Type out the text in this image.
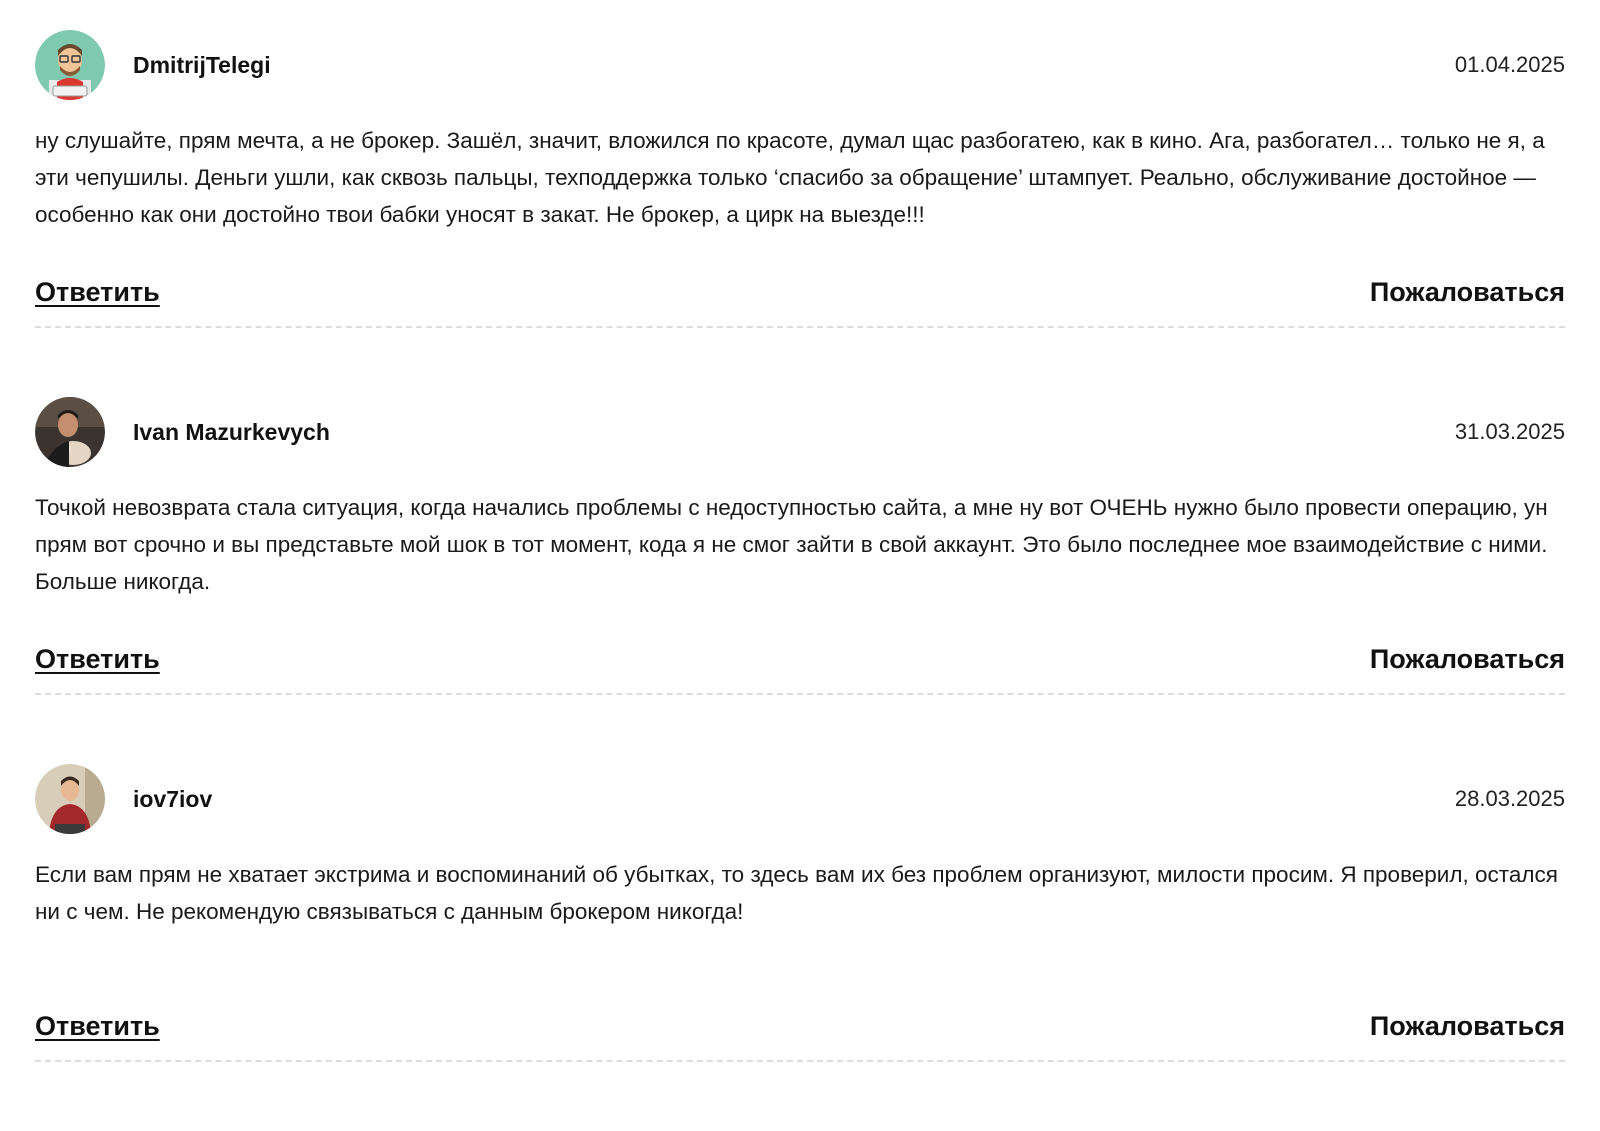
DmitrijTelegi	01.04.2025

ну слушайте, прям мечта, а не брокер. Зашёл, значит, вложился по красоте, думал щас разбогатею, как в кино. Ага, разбогател… только не я, а эти чепушилы. Деньги ушли, как сквозь пальцы, техподдержка только ‘спасибо за обращение’ штампует. Реально, обслуживание достойное — особенно как они достойно твои бабки уносят в закат. Не брокер, а цирк на выезде!!!

Ответить	Пожаловаться
Ivan Mazurkevych	31.03.2025

Точкой невозврата стала ситуация, когда начались проблемы с недоступностью сайта, а мне ну вот ОЧЕНЬ нужно было провести операцию, ун прям вот срочно и вы представьте мой шок в тот момент, кода я не смог зайти в свой аккаунт. Это было последнее мое взаимодействие с ними. Больше никогда.

Ответить	Пожаловаться
iov7iov	28.03.2025

Если вам прям не хватает экстрима и воспоминаний об убытках, то здесь вам их без проблем организуют, милости просим. Я проверил, остался ни с чем. Не рекомендую связываться с данным брокером никогда!

Ответить	Пожаловаться
